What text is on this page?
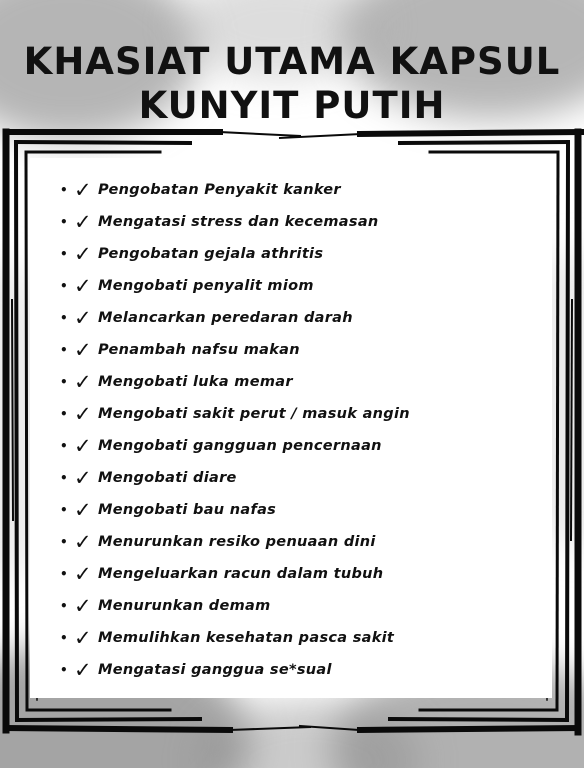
KHASIAT UTAMA KAPSUL
KUNYIT PUTIH
• ✓ Pengobatan Penyakit kanker
• ✓ Mengatasi stress dan kecemasan
• ✓ Pengobatan gejala athritis
• ✓ Mengobati penyalit miom
• ✓ Melancarkan peredaran darah
• ✓ Penambah nafsu makan
• ✓ Mengobati luka memar
• ✓ Mengobati sakit perut / masuk angin
• ✓ Mengobati gangguan pencernaan
• ✓ Mengobati diare
• ✓ Mengobati bau nafas
• ✓ Menurunkan resiko penuaan dini
• ✓ Mengeluarkan racun dalam tubuh
• ✓ Menurunkan demam
• ✓ Memulihkan kesehatan pasca sakit
• ✓ Mengatasi ganggua se*sual
